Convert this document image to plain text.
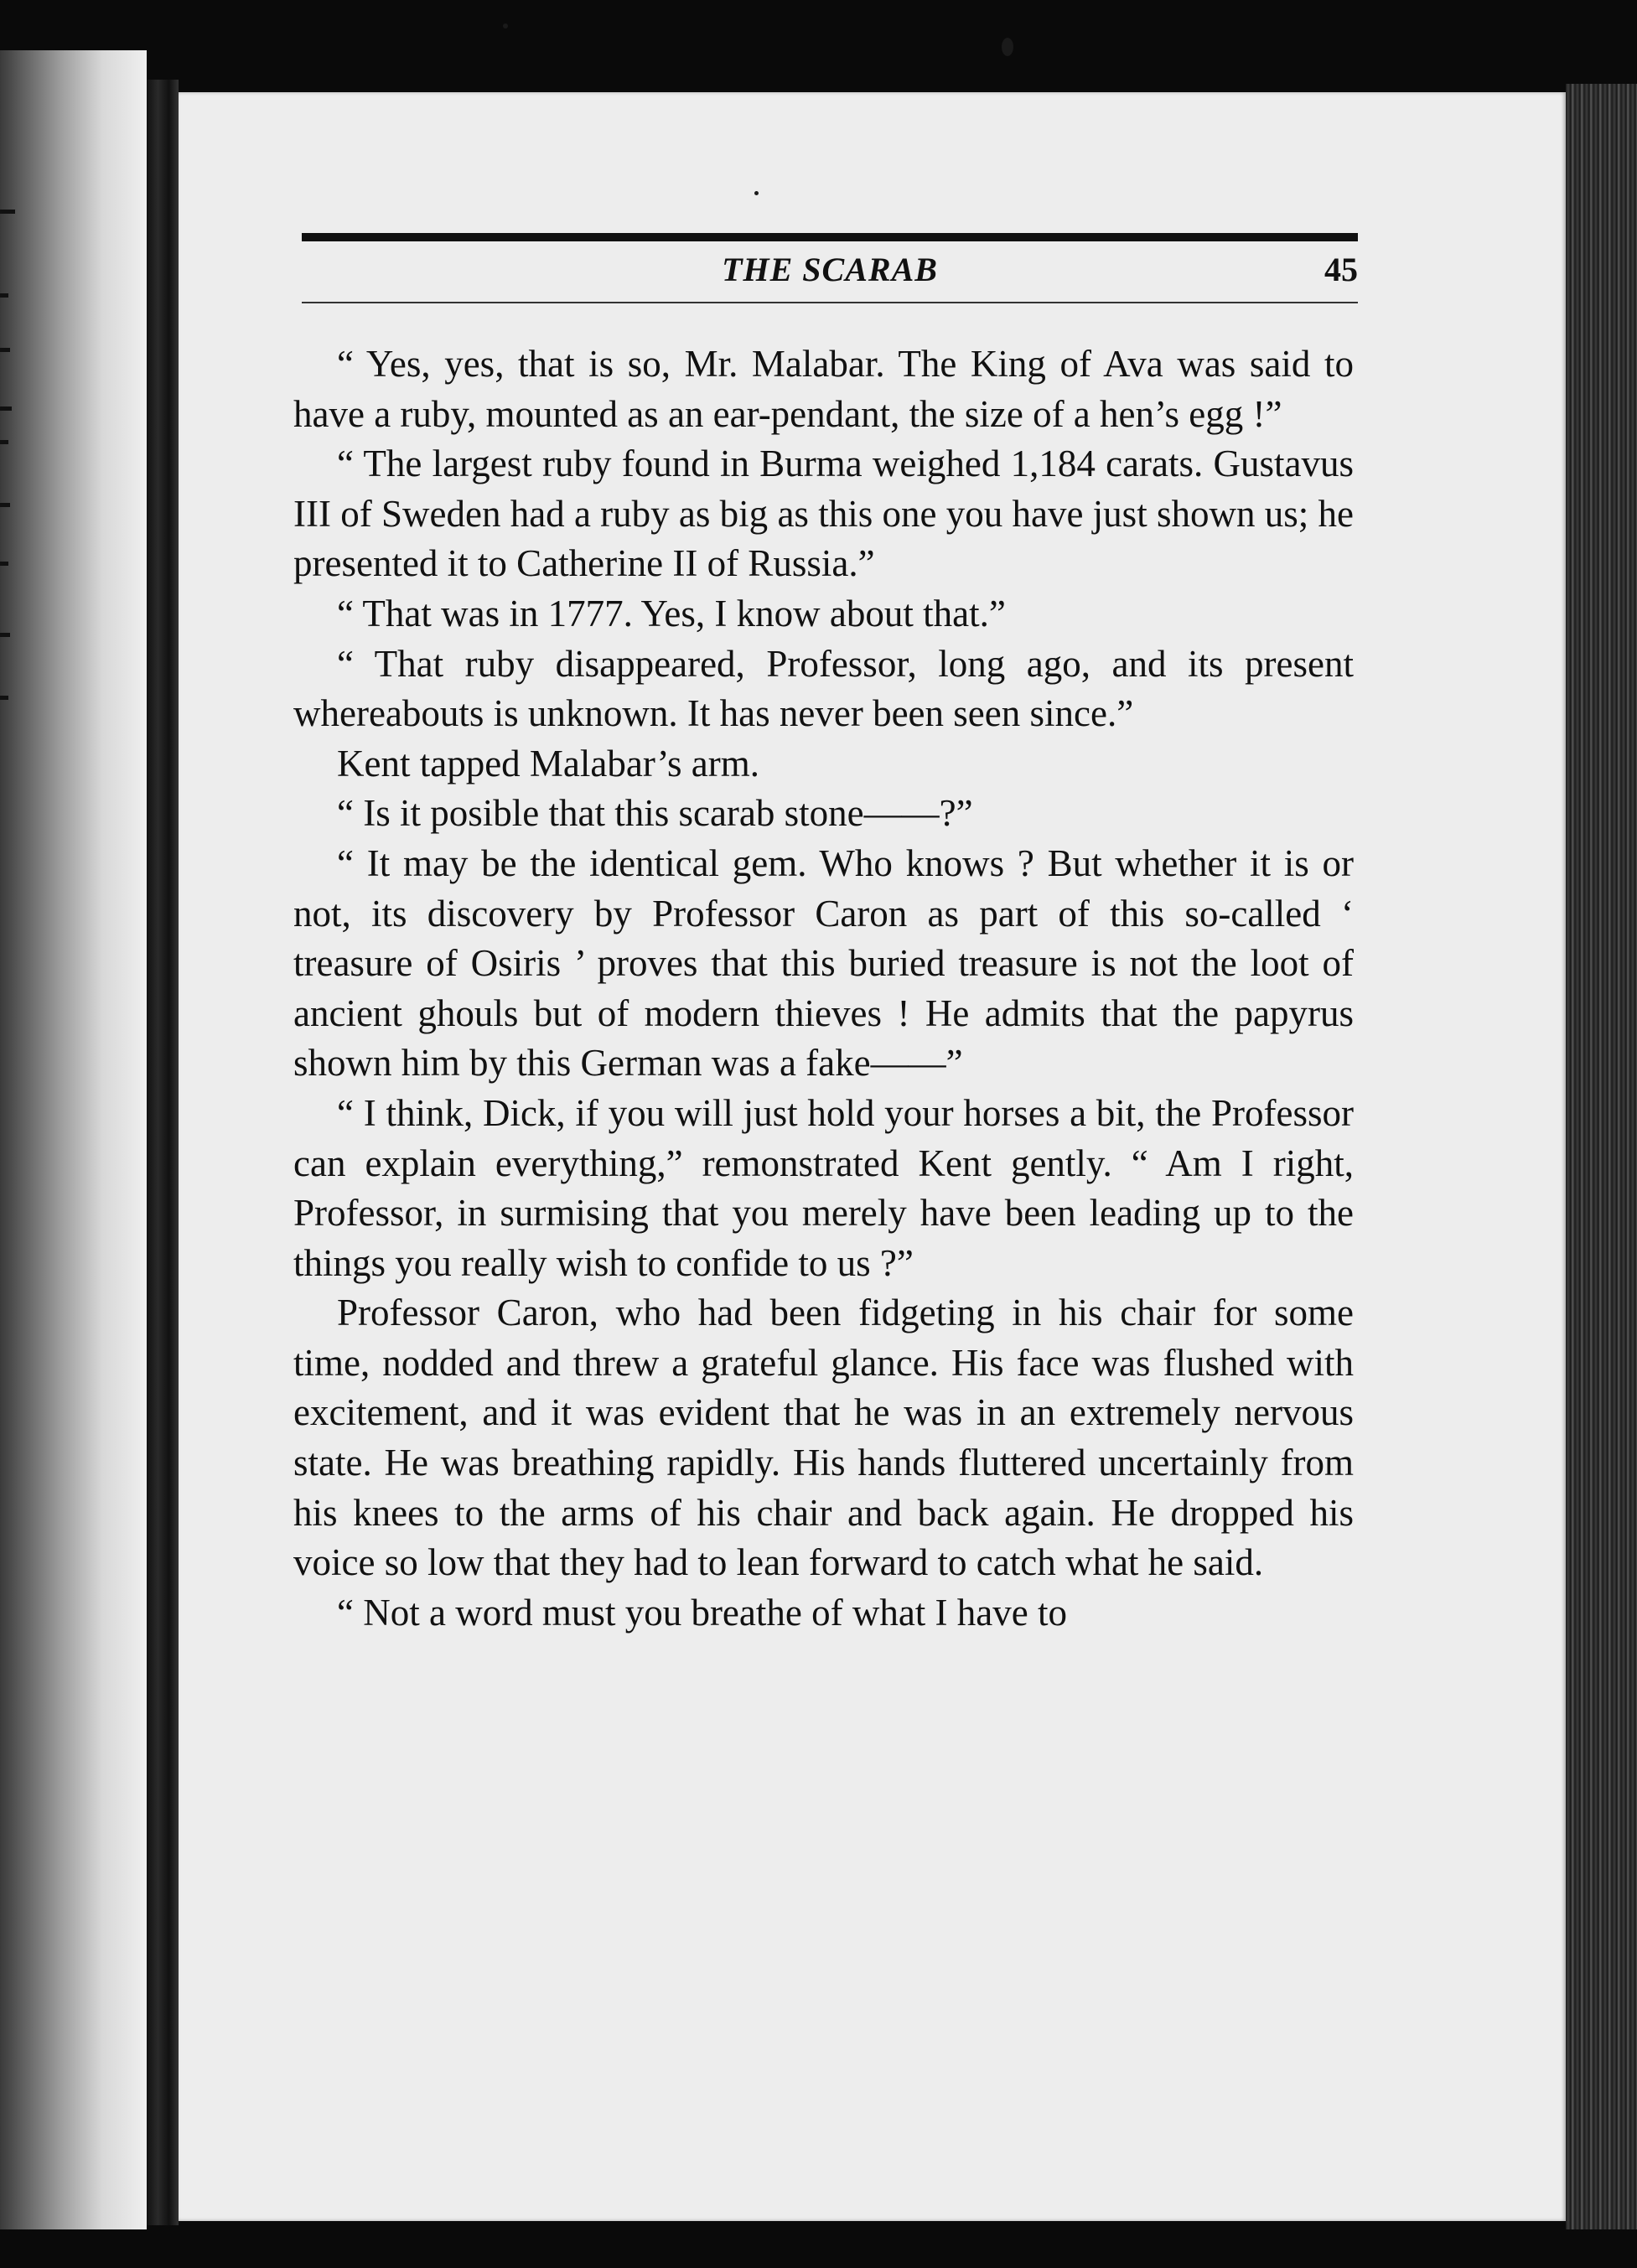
THE SCARAB	45

“ Yes, yes, that is so, Mr. Malabar. The King of Ava was said to have a ruby, mounted as an ear-pendant, the size of a hen’s egg !”

“ The largest ruby found in Burma weighed 1,184 carats. Gustavus III of Sweden had a ruby as big as this one you have just shown us; he presented it to Catherine II of Russia.”

“ That was in 1777. Yes, I know about that.”

“ That ruby disappeared, Professor, long ago, and its present whereabouts is unknown. It has never been seen since.”

Kent tapped Malabar’s arm.

“ Is it posible that this scarab stone——?”

“ It may be the identical gem. Who knows ? But whether it is or not, its discovery by Professor Caron as part of this so-called ‘ treasure of Osiris ’ proves that this buried treasure is not the loot of ancient ghouls but of modern thieves ! He admits that the papyrus shown him by this German was a fake——”

“ I think, Dick, if you will just hold your horses a bit, the Professor can explain everything,” remonstrated Kent gently. “ Am I right, Professor, in surmising that you merely have been leading up to the things you really wish to confide to us ?”

Professor Caron, who had been fidgeting in his chair for some time, nodded and threw a grateful glance. His face was flushed with excitement, and it was evident that he was in an extremely nervous state. He was breathing rapidly. His hands fluttered uncertainly from his knees to the arms of his chair and back again. He dropped his voice so low that they had to lean forward to catch what he said.

“ Not a word must you breathe of what I have to
